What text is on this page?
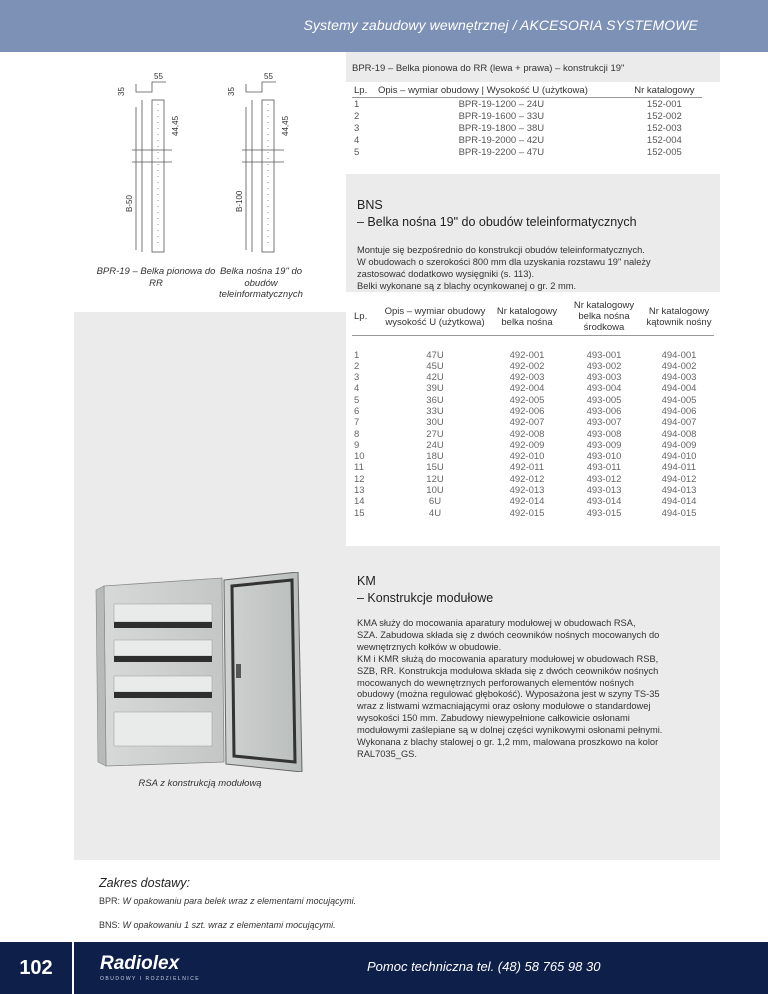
Systemy zabudowy wewnętrznej / AKCESORIA SYSTEMOWE
55
35
44,45
B-50
55
35
44,45
B-100
BPR-19 – Belka pionowa do RR
Belka nośna 19" do obudów teleinformatycznych
BPR-19 – Belka pionowa do RR (lewa + prawa) – konstrukcji 19"
Lp.	Opis – wymiar obudowy | Wysokość U (użytkowa)	Nr katalogowy
1	BPR-19-1200 – 24U	152-001
2	BPR-19-1600 – 33U	152-002
3	BPR-19-1800 – 38U	152-003
4	BPR-19-2000 – 42U	152-004
5	BPR-19-2200 – 47U	152-005
BNS
– Belka nośna 19" do obudów teleinformatycznych
Montuje się bezpośrednio do konstrukcji obudów teleinformatycznych.
W obudowach o szerokości 800 mm dla uzyskania rozstawu 19" należy
zastosować dodatkowo wysięgniki (s. 113).
Belki wykonane są z blachy ocynkowanej o gr. 2 mm.
Lp.	Opis – wymiar obudowy wysokość U (użytkowa)	Nr katalogowy belka nośna	Nr katalogowy belka nośna środkowa	Nr katalogowy kątownik nośny

1	47U	492-001	493-001	494-001
2	45U	492-002	493-002	494-002
3	42U	492-003	493-003	494-003
4	39U	492-004	493-004	494-004
5	36U	492-005	493-005	494-005
6	33U	492-006	493-006	494-006
7	30U	492-007	493-007	494-007
8	27U	492-008	493-008	494-008
9	24U	492-009	493-009	494-009
10	18U	492-010	493-010	494-010
11	15U	492-011	493-011	494-011
12	12U	492-012	493-012	494-012
13	10U	492-013	493-013	494-013
14	6U	492-014	493-014	494-014
15	4U	492-015	493-015	494-015
RSA z konstrukcją modułową
KM
– Konstrukcje modułowe
KMA służy do mocowania aparatury modułowej w obudowach RSA,
SZA. Zabudowa składa się z dwóch ceowników nośnych mocowanych do
wewnętrznych kołków w obudowie.
KM i KMR służą do mocowania aparatury modułowej w obudowach RSB,
SZB, RR. Konstrukcja modułowa składa się z dwóch ceowników nośnych
mocowanych do wewnętrznych perforowanych elementów nośnych
obudowy (można regulować głębokość). Wyposażona jest w szyny TS-35
wraz z listwami wzmacniającymi oraz osłony modułowe o standardowej
wysokości 150 mm. Zabudowy niewypełnione całkowicie osłonami
modułowymi zaślepiane są w dolnej części wynikowymi osłonami pełnymi.
Wykonana z blachy stalowej o gr. 1,2 mm, malowana proszkowo na kolor
RAL7035_GS.
Zakres dostawy:
BPR: W opakowaniu para belek wraz z elementami mocującymi.
BNS: W opakowaniu 1 szt. wraz z elementami mocującymi.
102	Radiolex
OBUDOWY I ROZDZIELNICE
Pomoc techniczna tel. (48) 58 765 98 30
